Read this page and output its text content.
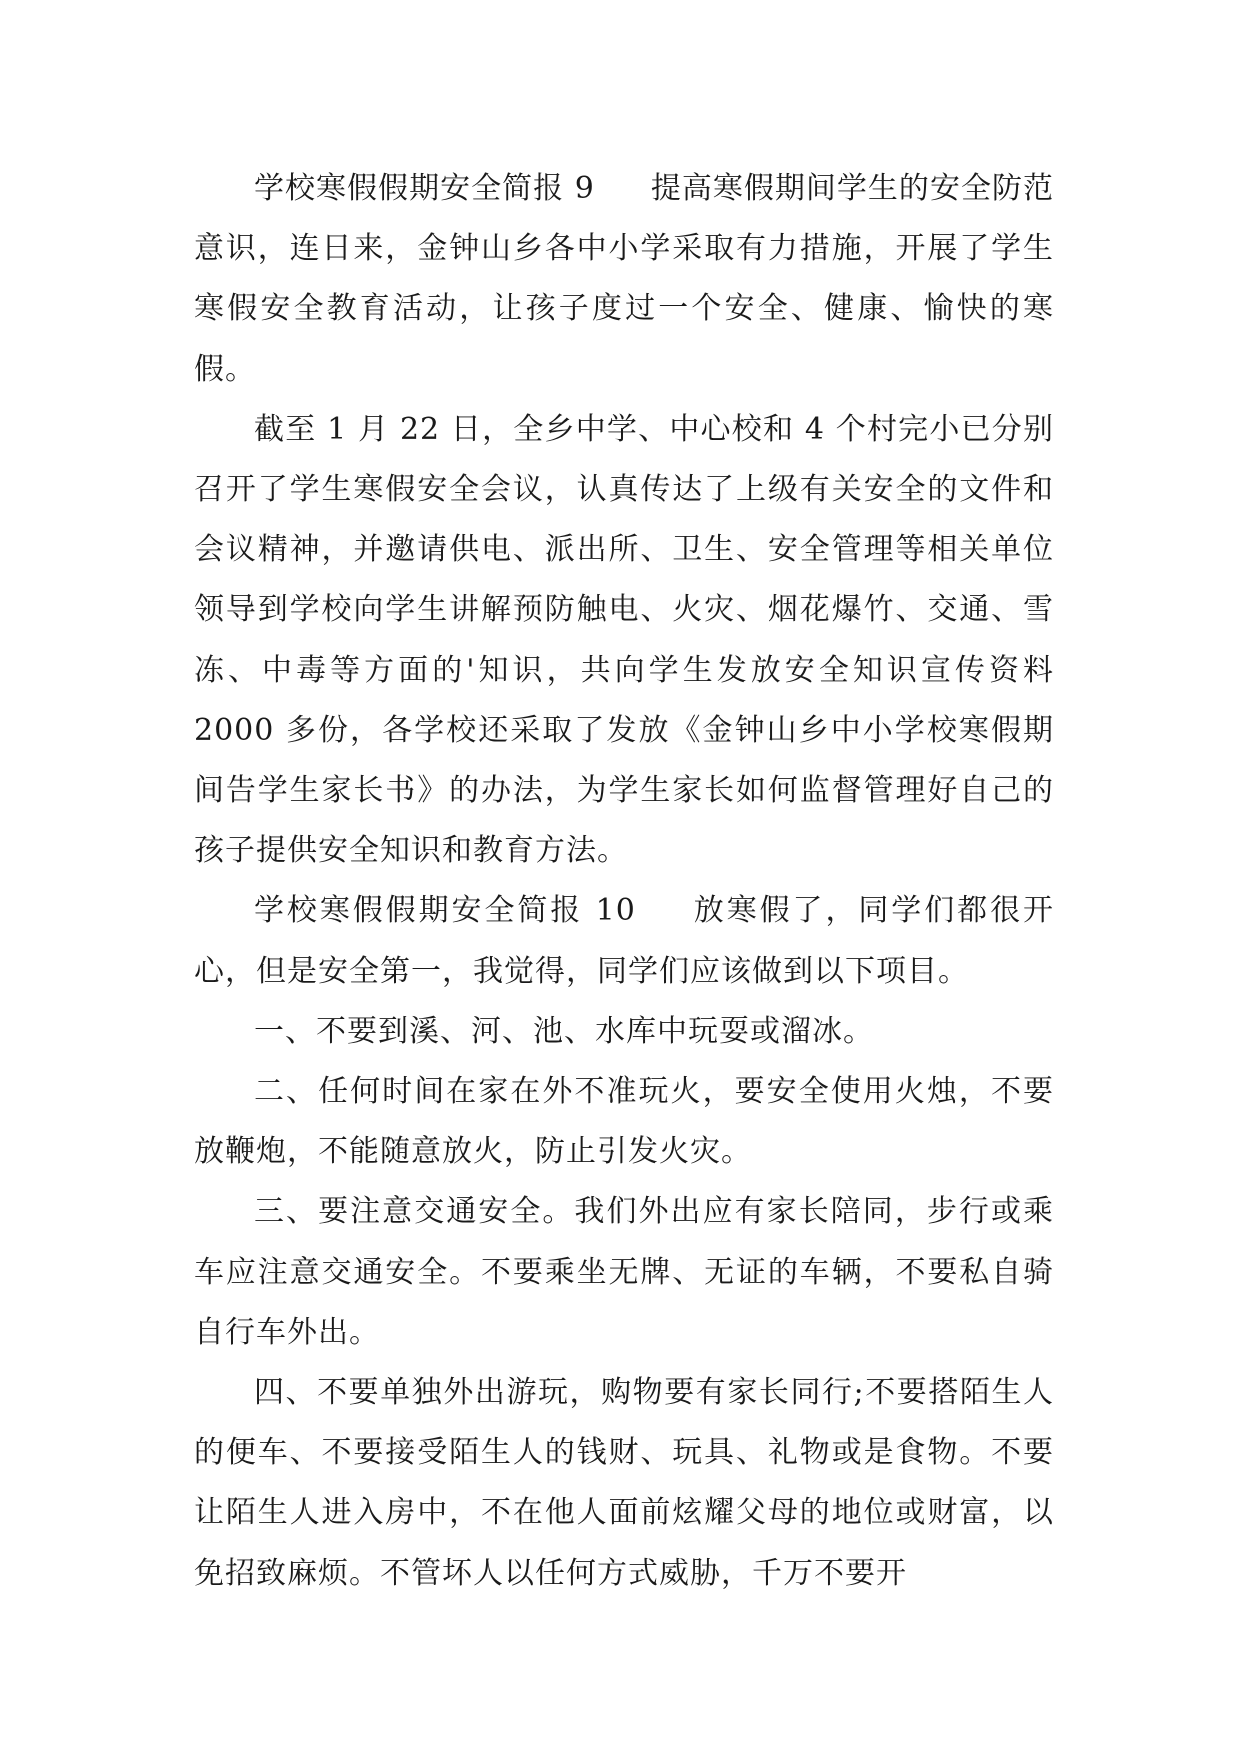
学校寒假假期安全简报 9 提高寒假期间学生的安全防范意识，连日来，金钟山乡各中小学采取有力措施，开展了学生寒假安全教育活动，让孩子度过一个安全、健康、愉快的寒假。

截至 1 月 22 日，全乡中学、中心校和 4 个村完小已分别召开了学生寒假安全会议，认真传达了上级有关安全的文件和会议精神，并邀请供电、派出所、卫生、安全管理等相关单位领导到学校向学生讲解预防触电、火灾、烟花爆竹、交通、雪冻、中毒等方面的'知识，共向学生发放安全知识宣传资料 2000 多份，各学校还采取了发放《金钟山乡中小学校寒假期间告学生家长书》的办法，为学生家长如何监督管理好自己的孩子提供安全知识和教育方法。

学校寒假假期安全简报 10 放寒假了，同学们都很开心，但是安全第一，我觉得，同学们应该做到以下项目。

一、不要到溪、河、池、水库中玩耍或溜冰。

二、任何时间在家在外不准玩火，要安全使用火烛，不要放鞭炮，不能随意放火，防止引发火灾。

三、要注意交通安全。我们外出应有家长陪同，步行或乘车应注意交通安全。不要乘坐无牌、无证的车辆，不要私自骑自行车外出。

四、不要单独外出游玩，购物要有家长同行;不要搭陌生人的便车、不要接受陌生人的钱财、玩具、礼物或是食物。不要让陌生人进入房中，不在他人面前炫耀父母的地位或财富，以免招致麻烦。不管坏人以任何方式威胁，千万不要开
